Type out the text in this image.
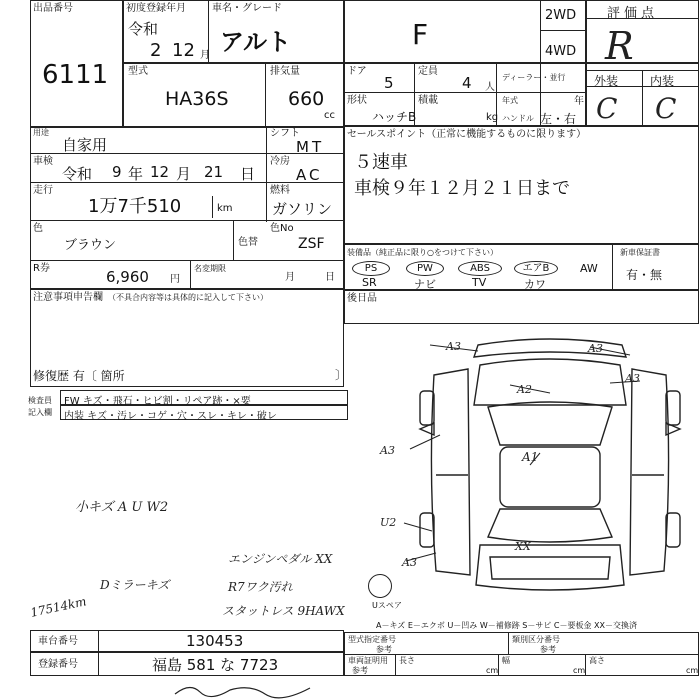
出品番号
6111
初度登録年月
令和
2 12 月
車名・グレード
アルト	F
2WD
4WD
評価点
R
外装	内装
C C
型式
HA36S
排気量
660
cc
ドア
5
定員
4 人
ディーラー・並行
年式	年
形状
ハッチB
積載
kg ハンドル 左・右
用途
自家用
シフト
MT
車検
令和 9 年 12 月 21 日
冷房
AC
走行
1万7千510	km
燃料
ガソリン
色
ブラウン	色替
色No
ZSF
R券	6,960 円
名変期限
月	日
注意事項申告欄 （不具合内容等は具体的に記入して下さい）
修復歴 有〔 箇所	〕
セールスポイント（正常に機能するものに限ります）
５速車
車検９年１２月２１日まで
装備品（純正品に限り○をつけて下さい）
PS	PW	ABS	エアB	AW
SR	ナビ	TV	カワ
新車保証書
有・無
後日品
検査員
記入欄
FW キズ・飛石・ヒビ割・リペア跡・×要
内装 キズ・汚レ・コゲ・穴・スレ・キレ・破レ
A3	A3
A3
A2
A3	A1
U2
XX
A3
Uスペア
小キズ A U W2
Dミラーキズ
エンジンペダル XX
R7ワク汚れ
スタットレス 9HAWX
17514km
A－キズ E－エクボ U－凹み W－補修跡 S－サビ C－要板金 XX－交換済
車台番号	130453
登録番号	福島 581 な 7723
型式指定番号
参考
類別区分番号
参考
車両証明用
参考
長さ
cm
幅
cm
高さ
cm
